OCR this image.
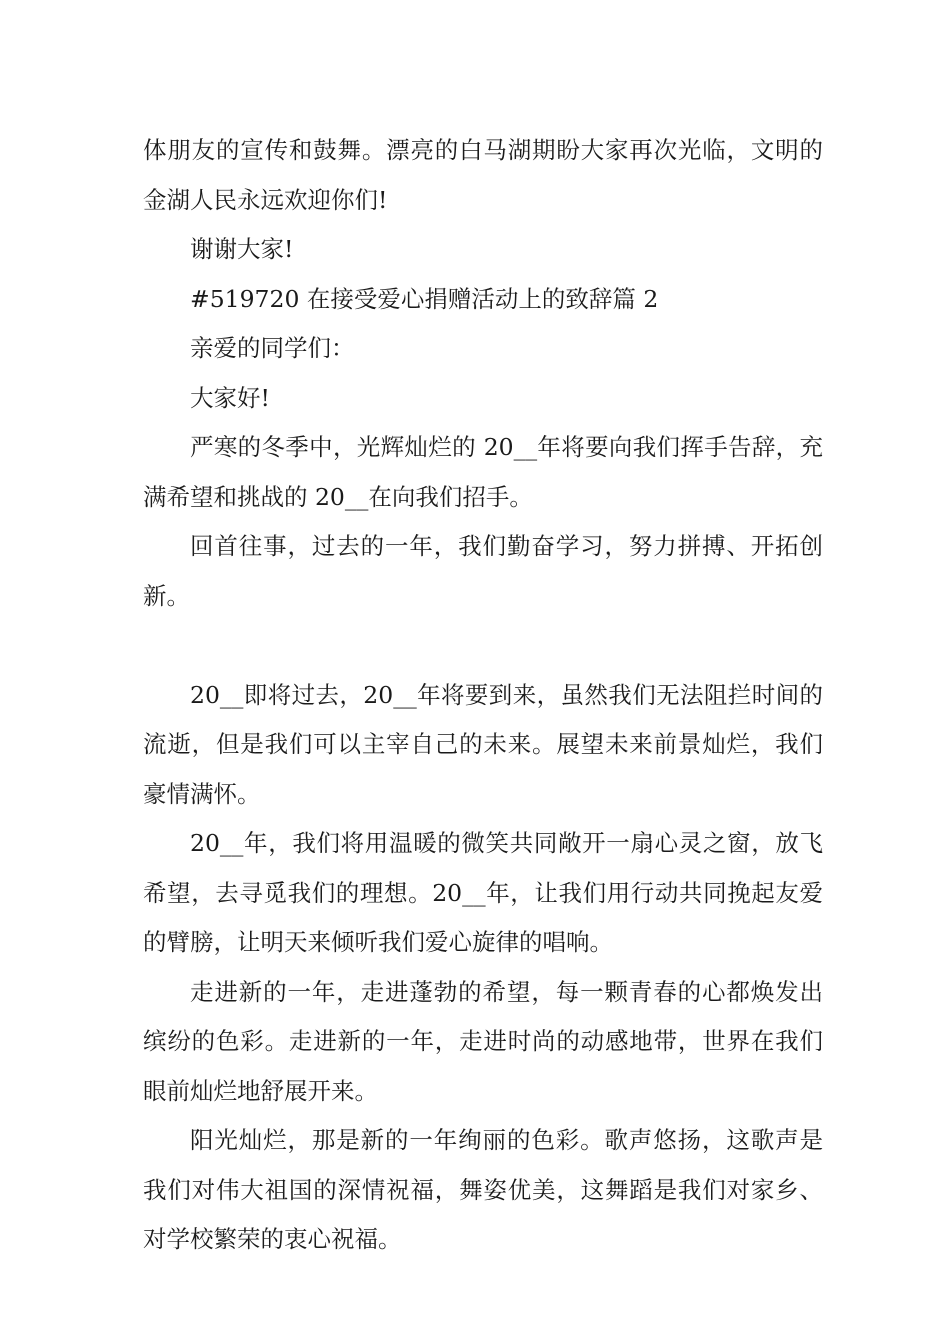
体朋友的宣传和鼓舞。漂亮的白马湖期盼大家再次光临，文明的金湖人民永远欢迎你们!

谢谢大家!

#519720 在接受爱心捐赠活动上的致辞篇 2

亲爱的同学们：

大家好!

严寒的冬季中，光辉灿烂的 20__年将要向我们挥手告辞，充满希望和挑战的 20__在向我们招手。

回首往事，过去的一年，我们勤奋学习，努力拼搏、开拓创新。

20__即将过去，20__年将要到来，虽然我们无法阻拦时间的流逝，但是我们可以主宰自己的未来。展望未来前景灿烂，我们豪情满怀。

20__年，我们将用温暖的微笑共同敞开一扇心灵之窗，放飞希望，去寻觅我们的理想。20__年，让我们用行动共同挽起友爱的臂膀，让明天来倾听我们爱心旋律的唱响。

走进新的一年，走进蓬勃的希望，每一颗青春的心都焕发出缤纷的色彩。走进新的一年，走进时尚的动感地带，世界在我们眼前灿烂地舒展开来。

阳光灿烂，那是新的一年绚丽的色彩。歌声悠扬，这歌声是我们对伟大祖国的深情祝福，舞姿优美，这舞蹈是我们对家乡、对学校繁荣的衷心祝福。
